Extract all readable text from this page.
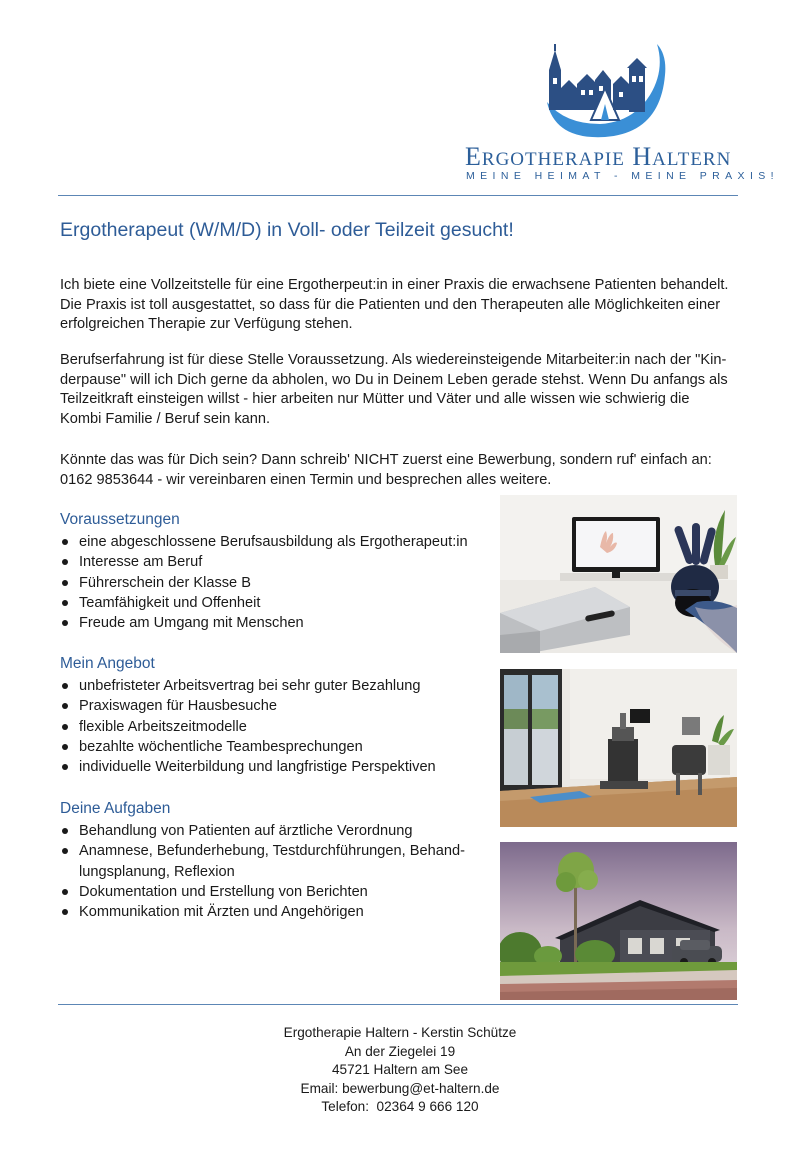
ERGOTHERAPIE HALTERN
MEINE HEIMAT - MEINE PRAXIS!
Ergotherapeut (W/M/D) in Voll- oder Teilzeit gesucht!
Ich biete eine Vollzeitstelle für eine Ergotherpeut:in in einer Praxis die erwachsene Patienten behandelt.
Die Praxis ist toll ausgestattet, so dass für die Patienten und den Therapeuten alle Möglichkeiten einer
erfolgreichen Therapie zur Verfügung stehen.
Berufserfahrung ist für diese Stelle Voraussetzung. Als wiedereinsteigende Mitarbeiter:in nach der "Kin-
derpause" will ich Dich gerne da abholen, wo Du in Deinem Leben gerade stehst. Wenn Du anfangs als
Teilzeitkraft einsteigen willst - hier arbeiten nur Mütter und Väter und alle wissen wie schwierig die
Kombi Familie / Beruf sein kann.
Könnte das was für Dich sein? Dann schreib' NICHT zuerst eine Bewerbung, sondern ruf' einfach an:
0162 9853644 - wir vereinbaren einen Termin und besprechen alles weitere.
Voraussetzungen
eine abgeschlossene Berufsausbildung als Ergotherapeut:in
Interesse am Beruf
Führerschein der Klasse B
Teamfähigkeit und Offenheit
Freude am Umgang mit Menschen
Mein Angebot
unbefristeter Arbeitsvertrag bei sehr guter Bezahlung
Praxiswagen für Hausbesuche
flexible Arbeitszeitmodelle
bezahlte wöchentliche Teambesprechungen
individuelle Weiterbildung und langfristige Perspektiven
Deine Aufgaben
Behandlung von Patienten auf ärztliche Verordnung
Anamnese, Befunderhebung, Testdurchführungen, Behand-
lungsplanung, Reflexion
Dokumentation und Erstellung von Berichten
Kommunikation mit Ärzten und Angehörigen
Ergotherapie Haltern - Kerstin Schütze
An der Ziegelei 19
45721 Haltern am See
Email: bewerbung@et-haltern.de
Telefon:  02364 9 666 120
